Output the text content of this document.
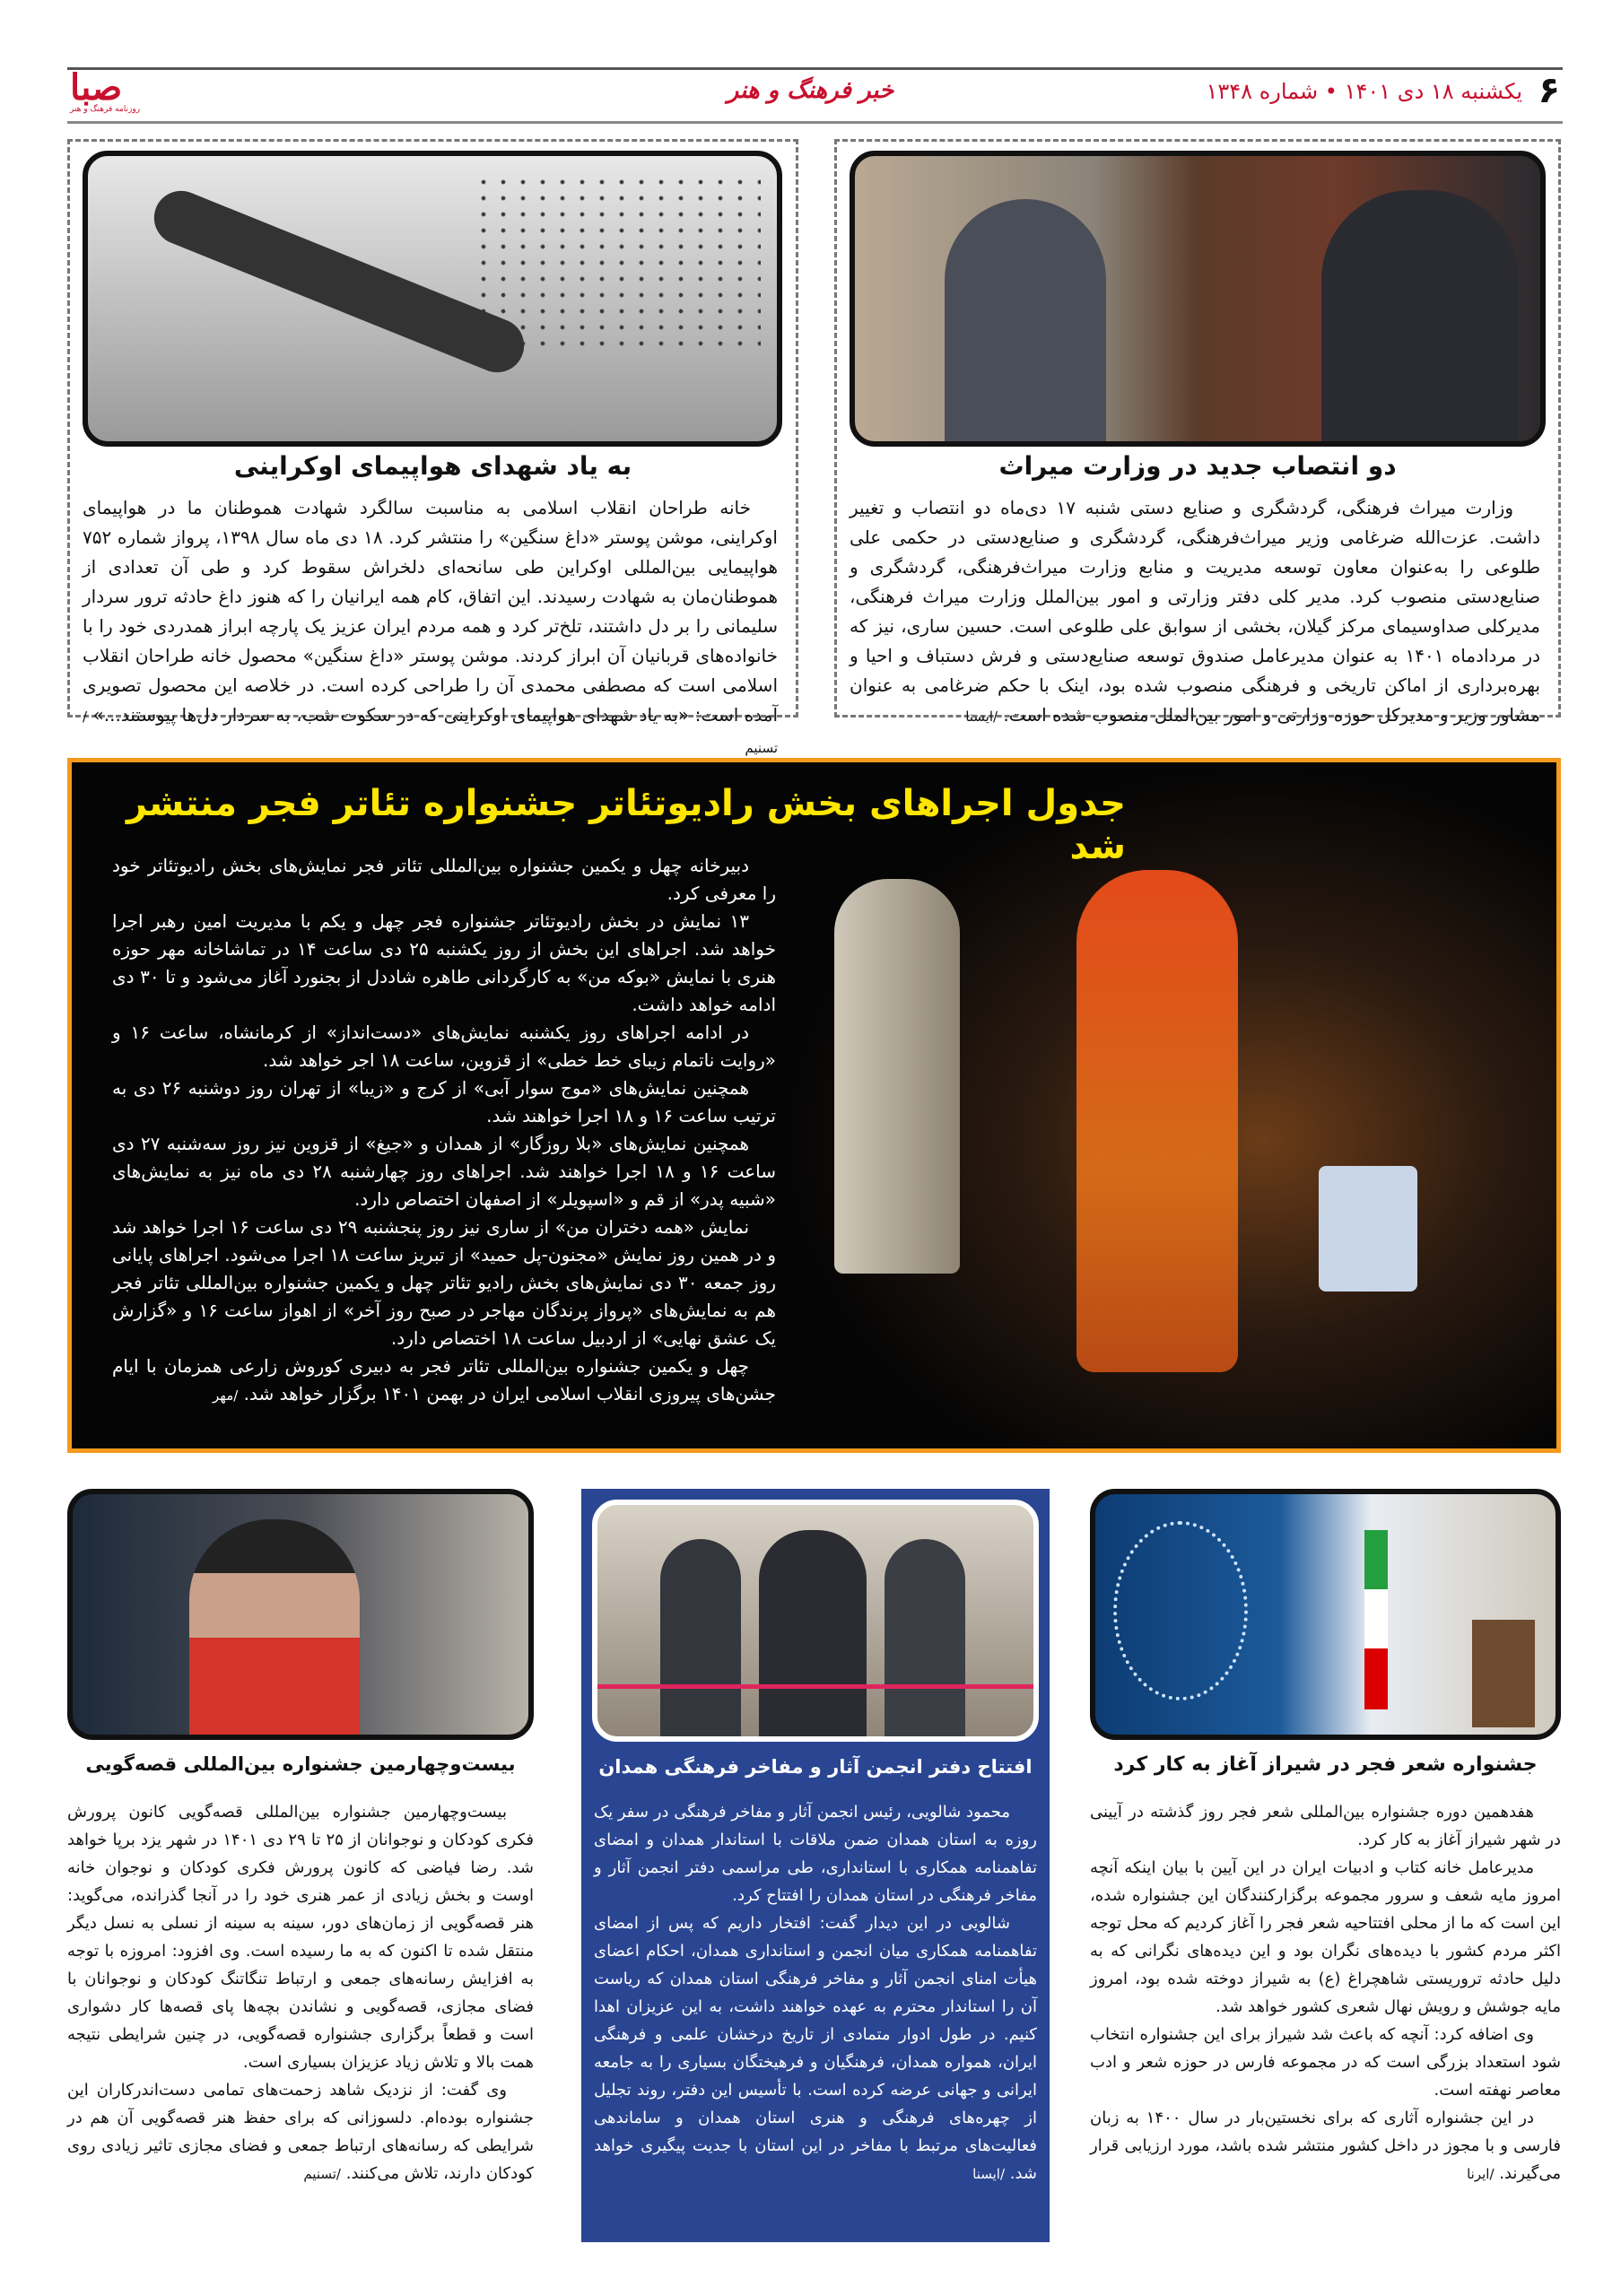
۶
یکشنبه ۱۸ دی ۱۴۰۱ • شماره ۱۳۴۸
خبر فرهنگ و هنر
صبا
روزنامه فرهنگ و هنر
دو انتصاب جدید در وزارت میراث

وزارت میراث فرهنگی، گردشگری و صنایع دستی شنبه ۱۷ دی‌ماه دو انتصاب و تغییر داشت. عزت‌الله ضرغامی وزیر میراث‌فرهنگی، گردشگری و صنایع‌دستی در حکمی علی طلوعی را به‌عنوان معاون توسعه مدیریت و منابع وزارت میراث‌فرهنگی، گردشگری و صنایع‌دستی منصوب کرد. مدیر کلی دفتر وزارتی و امور بین‌الملل وزارت میراث فرهنگی، مدیرکلی صداوسیمای مرکز گیلان، بخشی از سوابق علی طلوعی است. حسین ساری، نیز که در مردادماه ۱۴۰۱ به عنوان مدیرعامل صندوق توسعه صنایع‌دستی و فرش دستباف و احیا و بهره‌برداری از اماکن تاریخی و فرهنگی منصوب شده بود، اینک با حکم ضرغامی به عنوان مشاور وزیر و مدیرکل حوزه وزارتی و امور بین‌الملل منصوب شده است. /ایسنا

به یاد شهدای هواپیمای اوکراینی

خانه طراحان انقلاب اسلامی به مناسبت سالگرد شهادت هموطنان ما در هواپیمای اوکراینی، موشن پوستر «داغ سنگین» را منتشر کرد. ۱۸ دی ماه سال ۱۳۹۸، پرواز شماره ۷۵۲ هواپیمایی بین‌المللی اوکراین طی سانحه‌ای دلخراش سقوط کرد و طی آن تعدادی از هموطنان‌مان به شهادت رسیدند. این اتفاق، کام همه ایرانیان را که هنوز داغ حادثه ترور سردار سلیمانی را بر دل داشتند، تلخ‌تر کرد و همه مردم ایران عزیز یک پارچه ابراز همدردی خود را با خانواده‌های قربانیان آن ابراز کردند. موشن پوستر «داغ سنگین» محصول خانه طراحان انقلاب اسلامی است که مصطفی محمدی آن را طراحی کرده است. در خلاصه این محصول تصویری آمده است: «به یاد شهدای هواپیمای اوکراینی که در سکوت شب، به سردار دل‌ها پیوستند...» /تسنیم

جدول اجراهای بخش رادیوتئاتر جشنواره تئاتر فجر منتشر شد

دبیرخانه چهل و یکمین جشنواره بین‌المللی تئاتر فجر نمایش‌های بخش رادیوتئاتر خود را معرفی کرد.

۱۳ نمایش در بخش رادیوتئاتر جشنواره فجر چهل و یکم با مدیریت امین رهبر اجرا خواهد شد. اجراهای این بخش از روز یکشنبه ۲۵ دی ساعت ۱۴ در تماشاخانه مهر حوزه هنری با نمایش «بوکه من» به کارگردانی طاهره شاددل از بجنورد آغاز می‌شود و تا ۳۰ دی ادامه خواهد داشت.

در ادامه اجراهای روز یکشنبه نمایش‌های «دست‌انداز» از کرمانشاه، ساعت ۱۶ و «روایت ناتمام زیبای خط خطی» از قزوین، ساعت ۱۸ اجر خواهد شد.

همچنین نمایش‌های «موج سوار آبی» از کرج و «زیبا» از تهران روز دوشنبه ۲۶ دی به ترتیب ساعت ۱۶ و ۱۸ اجرا خواهند شد.

همچنین نمایش‌های «بلا روزگار» از همدان و «جیغ» از قزوین نیز روز سه‌شنبه ۲۷ دی ساعت ۱۶ و ۱۸ اجرا خواهند شد. اجراهای روز چهارشنبه ۲۸ دی ماه نیز به نمایش‌های «شبیه پدر» از قم و «اسپویلر» از اصفهان اختصاص دارد.

نمایش «همه دختران من» از ساری نیز روز پنجشنبه ۲۹ دی ساعت ۱۶ اجرا خواهد شد و در همین روز نمایش «مجنون-پل حمید» از تبریز ساعت ۱۸ اجرا می‌شود. اجراهای پایانی روز جمعه ۳۰ دی نمایش‌های بخش رادیو تئاتر چهل و یکمین جشنواره بین‌المللی تئاتر فجر هم به نمایش‌های «پرواز پرندگان مهاجر در صبح روز آخر» از اهواز ساعت ۱۶ و «گزارش یک عشق نهایی» از اردبیل ساعت ۱۸ اختصاص دارد.

چهل و یکمین جشنواره بین‌المللی تئاتر فجر به دبیری کوروش زارعی همزمان با ایام جشن‌های پیروزی انقلاب اسلامی ایران در بهمن ۱۴۰۱ برگزار خواهد شد. /مهر

جشنواره شعر فجر در شیراز آغاز به کار کرد

هفدهمین دوره جشنواره بین‌المللی شعر فجر روز گذشته در آیینی در شهر شیراز آغاز به کار کرد.

مدیرعامل خانه کتاب و ادبیات ایران در این آیین با بیان اینکه آنچه امروز مایه شعف و سرور مجموعه برگزارکنندگان این جشنواره شده، این است که ما از محلی افتتاحیه شعر فجر را آغاز کردیم که محل توجه اکثر مردم کشور با دیده‌های نگران بود و این دیده‌های نگرانی که به دلیل حادثه تروریستی شاهچراغ (ع) به شیراز دوخته شده بود، امروز مایه جوشش و رویش نهال شعری کشور خواهد شد.

وی اضافه کرد: آنچه که باعث شد شیراز برای این جشنواره انتخاب شود استعداد بزرگی است که در مجموعه فارس در حوزه شعر و ادب معاصر نهفته است.

در این جشنواره آثاری که برای نخستین‌بار در سال ۱۴۰۰ به زبان فارسی و با مجوز در داخل کشور منتشر شده باشد، مورد ارزیابی قرار می‌گیرند. /ایرنا

افتتاح دفتر انجمن آثار و مفاخر فرهنگی همدان

محمود شالویی، رئیس انجمن آثار و مفاخر فرهنگی در سفر یک روزه به استان همدان ضمن ملاقات با استاندار همدان و امضای تفاهمنامه همکاری با استانداری، طی مراسمی دفتر انجمن آثار و مفاخر فرهنگی در استان همدان را افتتاح کرد.

شالویی در این دیدار گفت: افتخار داریم که پس از امضای تفاهمنامه همکاری میان انجمن و استانداری همدان، احکام اعضای هیأت امنای انجمن آثار و مفاخر فرهنگی استان همدان که ریاست آن را استاندار محترم به عهده خواهند داشت، به این عزیزان اهدا کنیم. در طول ادوار متمادی از تاریخ درخشان علمی و فرهنگی ایران، همواره همدان، فرهنگیان و فرهیختگان بسیاری را به جامعه ایرانی و جهانی عرضه کرده است. با تأسیس این دفتر، روند تجلیل از چهره‌های فرهنگی و هنری استان همدان و ساماندهی فعالیت‌های مرتبط با مفاخر در این استان با جدیت پیگیری خواهد شد. /ایسنا

بیست‌وچهارمین جشنواره بین‌المللی قصه‌گویی

بیست‌وچهارمین جشنواره بین‌المللی قصه‌گویی کانون پرورش فکری کودکان و نوجوانان از ۲۵ تا ۲۹ دی ۱۴۰۱ در شهر یزد برپا خواهد شد. رضا فیاضی که کانون پرورش فکری کودکان و نوجوان خانه اوست و بخش زیادی از عمر هنری خود را در آنجا گذرانده، می‌گوید: هنر قصه‌گویی از زمان‌های دور، سینه به سینه از نسلی به نسل دیگر منتقل شده تا اکنون که به ما رسیده است. وی افزود: امروزه با توجه به افزایش رسانه‌های جمعی و ارتباط تنگاتنگ کودکان و نوجوانان با فضای مجازی، قصه‌گویی و نشاندن بچه‌ها پای قصه‌ها کار دشواری است و قطعاً برگزاری جشنواره قصه‌گویی، در چنین شرایطی نتیجه همت بالا و تلاش زیاد عزیزان بسیاری است.

وی گفت: از نزدیک شاهد زحمت‌های تمامی دست‌اندرکاران این جشنواره بوده‌ام. دلسوزانی که برای حفظ هنر قصه‌گویی آن هم در شرایطی که رسانه‌های ارتباط جمعی و فضای مجازی تاثیر زیادی روی کودکان دارند، تلاش می‌کنند. /تسنیم
